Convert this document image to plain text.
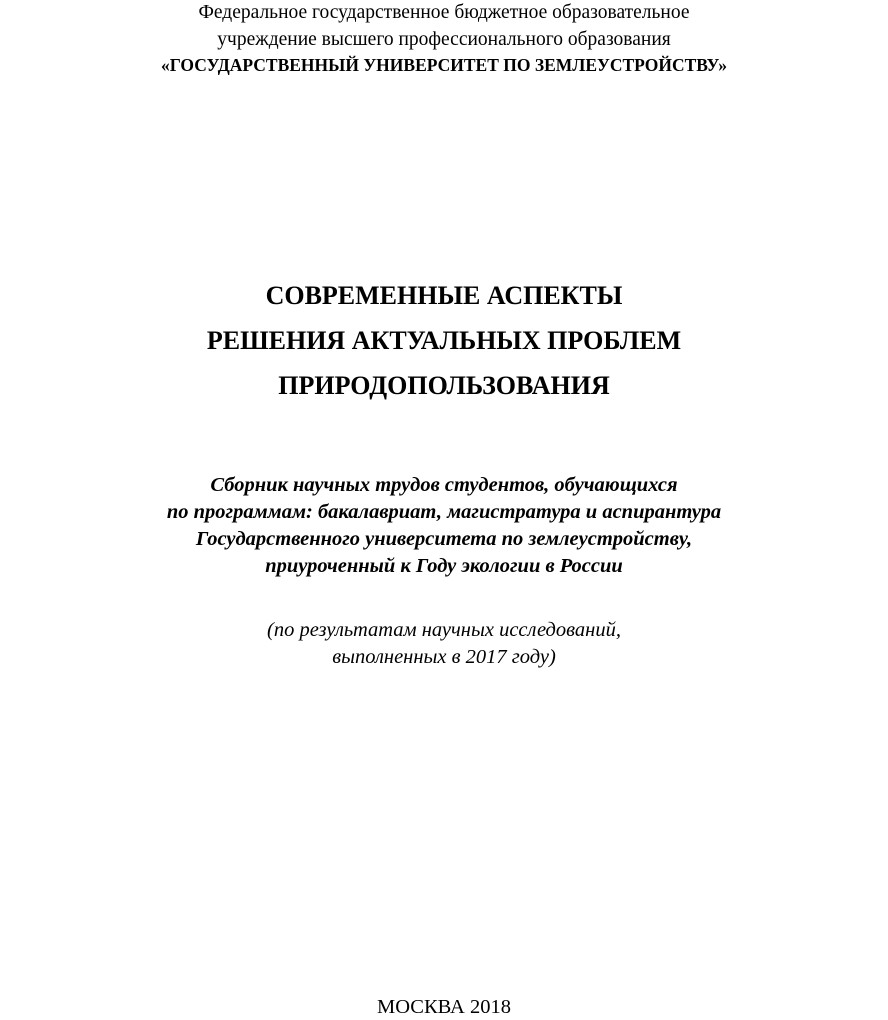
Федеральное государственное бюджетное образовательное
учреждение высшего профессионального образования
«ГОСУДАРСТВЕННЫЙ УНИВЕРСИТЕТ ПО ЗЕМЛЕУСТРОЙСТВУ»
СОВРЕМЕННЫЕ АСПЕКТЫ
РЕШЕНИЯ АКТУАЛЬНЫХ ПРОБЛЕМ
ПРИРОДОПОЛЬЗОВАНИЯ
Сборник научных трудов студентов, обучающихся
по программам: бакалавриат, магистратура и аспирантура
Государственного университета по землеустройству,
приуроченный к Году экологии в России
(по результатам научных исследований,
выполненных в 2017 году)
МОСКВА 2018
